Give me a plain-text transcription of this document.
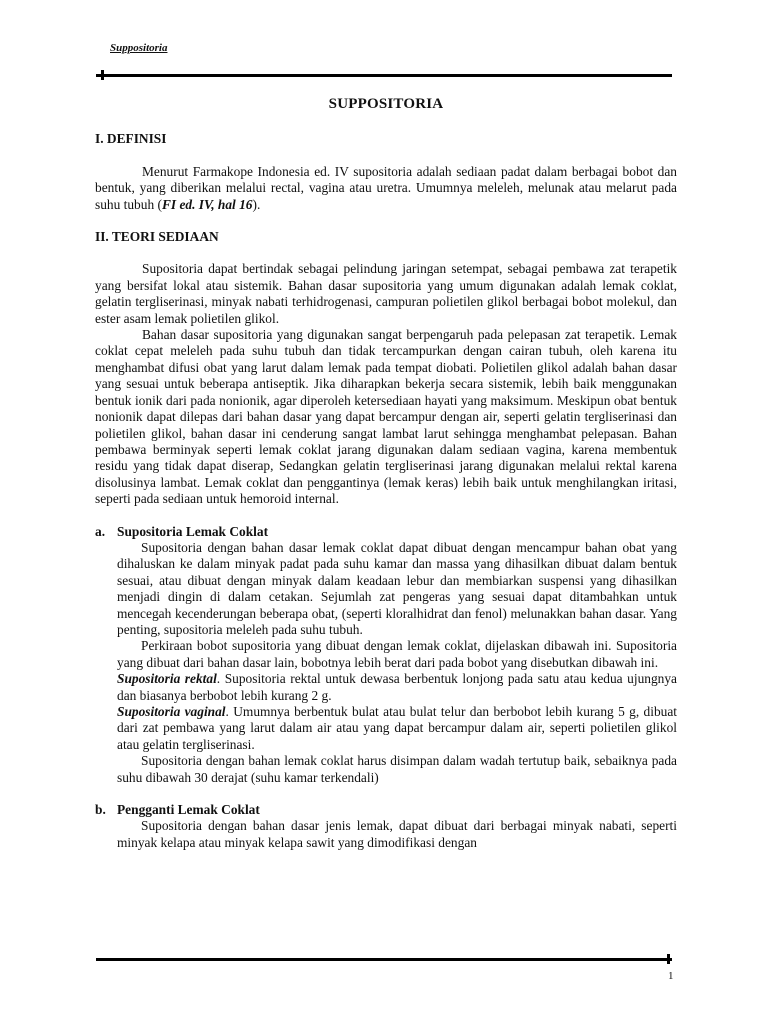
Suppositoria
SUPPOSITORIA
I. DEFINISI

Menurut Farmakope Indonesia ed. IV supositoria adalah sediaan padat dalam berbagai bobot dan bentuk, yang diberikan melalui rectal, vagina atau uretra. Umumnya meleleh, melunak atau melarut pada suhu tubuh (FI ed. IV, hal 16).

II. TEORI SEDIAAN

Supositoria dapat bertindak sebagai pelindung jaringan setempat, sebagai pembawa zat terapetik yang bersifat lokal atau sistemik. Bahan dasar supositoria yang umum digunakan adalah lemak coklat, gelatin tergliserinasi, minyak nabati terhidrogenasi, campuran polietilen glikol berbagai bobot molekul, dan ester asam lemak polietilen glikol.

Bahan dasar supositoria yang digunakan sangat berpengaruh pada pelepasan zat terapetik. Lemak coklat cepat meleleh pada suhu tubuh dan tidak tercampurkan dengan cairan tubuh, oleh karena itu menghambat difusi obat yang larut dalam lemak pada tempat diobati. Polietilen glikol adalah bahan dasar yang sesuai untuk beberapa antiseptik. Jika diharapkan bekerja secara sistemik, lebih baik menggunakan bentuk ionik dari pada nonionik, agar diperoleh ketersediaan hayati yang maksimum. Meskipun obat bentuk nonionik dapat dilepas dari bahan dasar yang dapat bercampur dengan air, seperti gelatin tergliserinasi dan polietilen glikol, bahan dasar ini cenderung sangat lambat larut sehingga menghambat pelepasan. Bahan pembawa berminyak seperti lemak coklat jarang digunakan dalam sediaan vagina, karena membentuk residu yang tidak dapat diserap, Sedangkan gelatin tergliserinasi jarang digunakan melalui rektal karena disolusinya lambat. Lemak coklat dan penggantinya (lemak keras) lebih baik untuk menghilangkan iritasi, seperti pada sediaan untuk hemoroid internal.

a. Supositoria Lemak Coklat

Supositoria dengan bahan dasar lemak coklat dapat dibuat dengan mencampur bahan obat yang dihaluskan ke dalam minyak padat pada suhu kamar dan massa yang dihasilkan dibuat dalam bentuk sesuai, atau dibuat dengan minyak dalam keadaan lebur dan membiarkan suspensi yang dihasilkan menjadi dingin di dalam cetakan. Sejumlah zat pengeras yang sesuai dapat ditambahkan untuk mencegah kecenderungan beberapa obat, (seperti kloralhidrat dan fenol) melunakkan bahan dasar. Yang penting, supositoria meleleh pada suhu tubuh.

Perkiraan bobot supositoria yang dibuat dengan lemak coklat, dijelaskan dibawah ini. Supositoria yang dibuat dari bahan dasar lain, bobotnya lebih berat dari pada bobot yang disebutkan dibawah ini.

Supositoria rektal. Supositoria rektal untuk dewasa berbentuk lonjong pada satu atau kedua ujungnya dan biasanya berbobot lebih kurang 2 g.

Supositoria vaginal. Umumnya berbentuk bulat atau bulat telur dan berbobot lebih kurang 5 g, dibuat dari zat pembawa yang larut dalam air atau yang dapat bercampur dalam air, seperti polietilen glikol atau gelatin tergliserinasi.

Supositoria dengan bahan lemak coklat harus disimpan dalam wadah tertutup baik, sebaiknya pada suhu dibawah 30 derajat (suhu kamar terkendali)

b. Pengganti Lemak Coklat

Supositoria dengan bahan dasar jenis lemak, dapat dibuat dari berbagai minyak nabati, seperti minyak kelapa atau minyak kelapa sawit yang dimodifikasi dengan

1
